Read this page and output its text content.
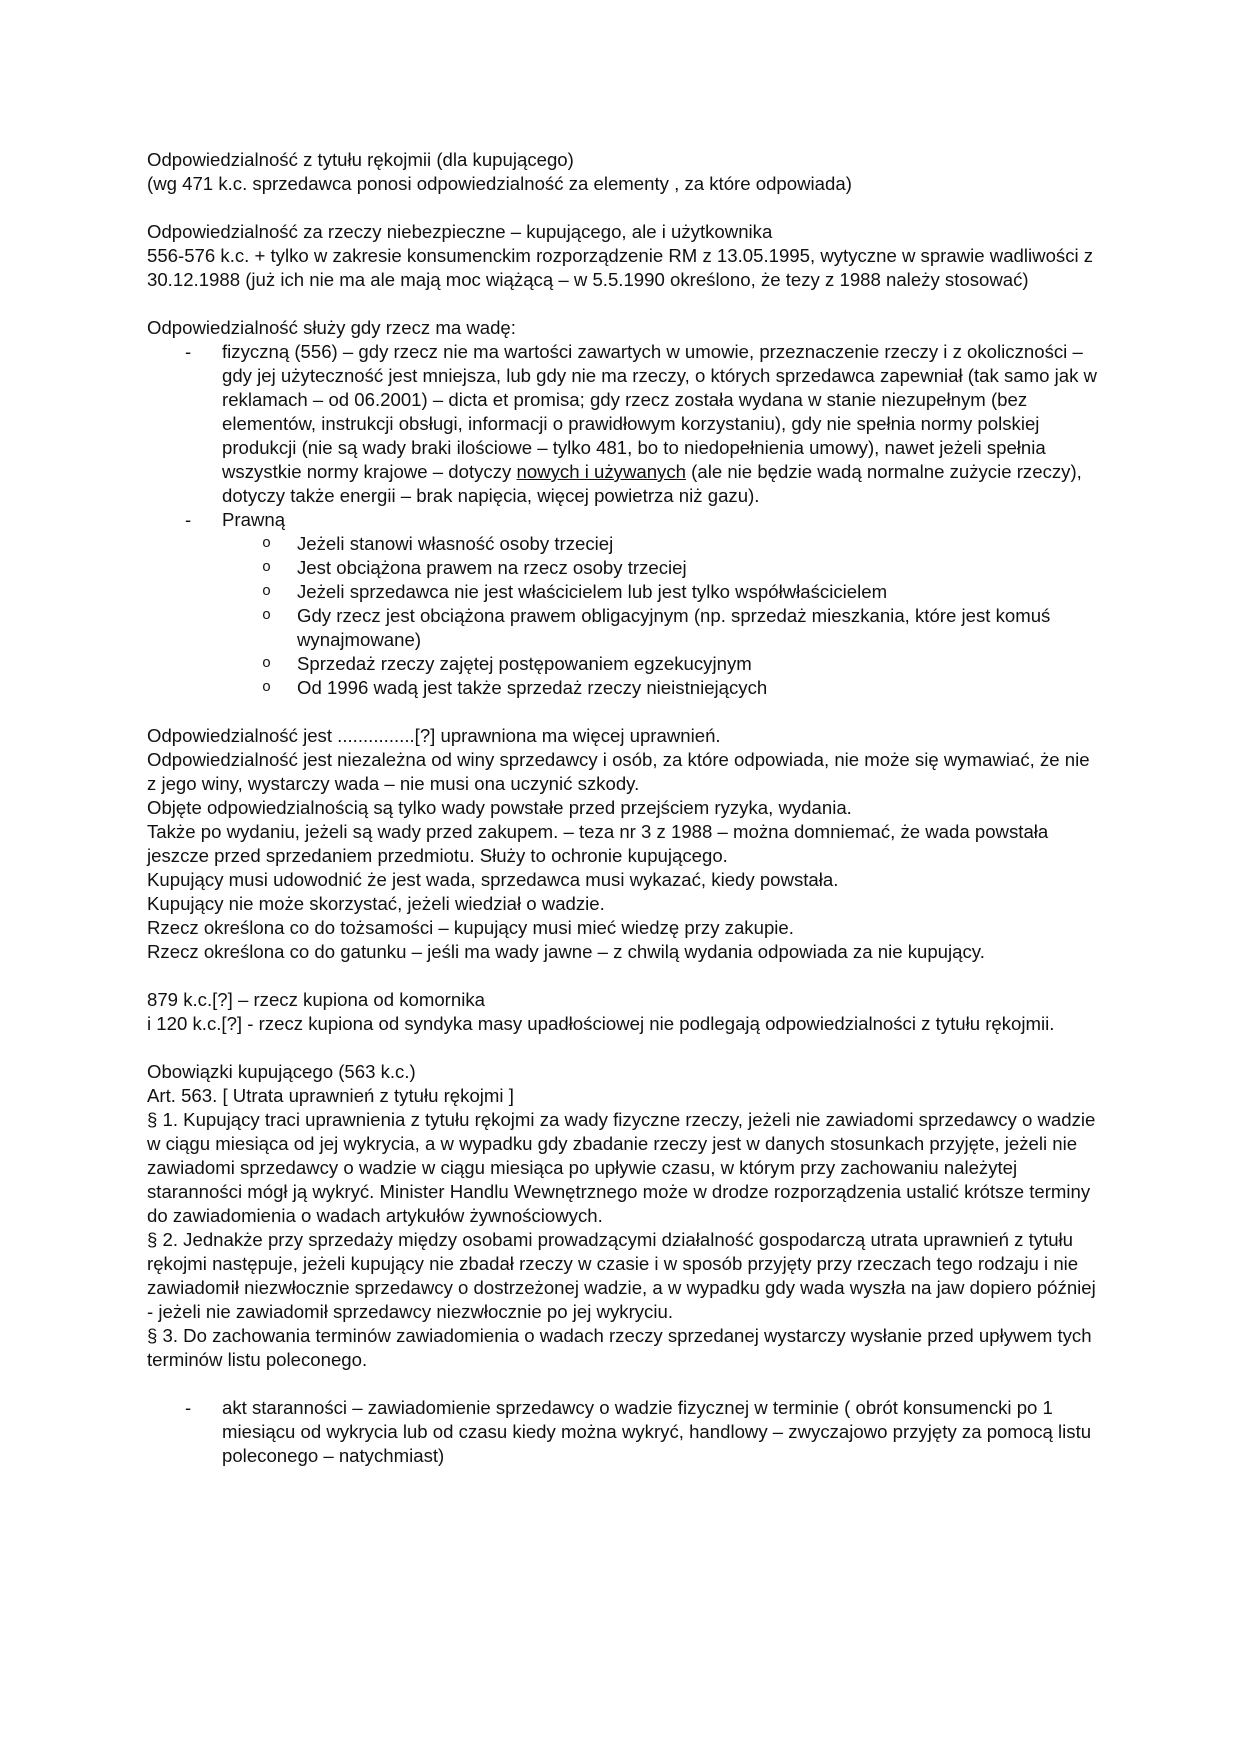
Odpowiedzialność z tytułu rękojmii (dla kupującego)

(wg 471 k.c. sprzedawca ponosi odpowiedzialność za elementy , za które odpowiada)

Odpowiedzialność za rzeczy niebezpieczne – kupującego, ale i użytkownika

556-576 k.c. + tylko w zakresie konsumenckim rozporządzenie RM z 13.05.1995, wytyczne w sprawie wadliwości z 30.12.1988 (już ich nie ma ale mają moc wiążącą – w 5.5.1990 określono, że tezy z 1988 należy stosować)

Odpowiedzialność służy gdy rzecz ma wadę:

- fizyczną (556) – gdy rzecz nie ma wartości zawartych w umowie, przeznaczenie rzeczy i z okoliczności – gdy jej użyteczność jest mniejsza, lub gdy nie ma rzeczy, o których sprzedawca zapewniał (tak samo jak w reklamach – od 06.2001) – dicta et promisa; gdy rzecz została wydana w stanie niezupełnym (bez elementów, instrukcji obsługi, informacji o prawidłowym korzystaniu), gdy nie spełnia normy polskiej produkcji (nie są wady braki ilościowe – tylko 481, bo to niedopełnienia umowy), nawet jeżeli spełnia wszystkie normy krajowe – dotyczy nowych i używanych (ale nie będzie wadą normalne zużycie rzeczy), dotyczy także energii – brak napięcia, więcej powietrza niż gazu).
- Prawną
o Jeżeli stanowi własność osoby trzeciej
o Jest obciążona prawem na rzecz osoby trzeciej
o Jeżeli sprzedawca nie jest właścicielem lub jest tylko współwłaścicielem
o Gdy rzecz jest obciążona prawem obligacyjnym (np. sprzedaż mieszkania, które jest komuś wynajmowane)
o Sprzedaż rzeczy zajętej postępowaniem egzekucyjnym
o Od 1996 wadą jest także sprzedaż rzeczy nieistniejących

Odpowiedzialność jest ...............[?] uprawniona ma więcej uprawnień.

Odpowiedzialność jest niezależna od winy sprzedawcy i osób, za które odpowiada, nie może się wymawiać, że nie z jego winy, wystarczy wada – nie musi ona uczynić szkody.

Objęte odpowiedzialnością są tylko wady powstałe przed przejściem ryzyka, wydania.

Także po wydaniu, jeżeli są wady przed zakupem. – teza nr 3 z 1988 – można domniemać, że wada powstała jeszcze przed sprzedaniem przedmiotu. Służy to ochronie kupującego.

Kupujący musi udowodnić że jest wada, sprzedawca musi wykazać, kiedy powstała.

Kupujący nie może skorzystać, jeżeli wiedział o wadzie.

Rzecz określona co do tożsamości – kupujący musi mieć wiedzę przy zakupie.

Rzecz określona co do gatunku – jeśli ma wady jawne – z chwilą wydania odpowiada za nie kupujący.

879 k.c.[?] – rzecz kupiona od komornika

i 120 k.c.[?] - rzecz kupiona od syndyka masy upadłościowej nie podlegają odpowiedzialności z tytułu rękojmii.

Obowiązki kupującego (563 k.c.)

Art. 563. [ Utrata uprawnień z tytułu rękojmi ]

§ 1. Kupujący traci uprawnienia z tytułu rękojmi za wady fizyczne rzeczy, jeżeli nie zawiadomi sprzedawcy o wadzie w ciągu miesiąca od jej wykrycia, a w wypadku gdy zbadanie rzeczy jest w danych stosunkach przyjęte, jeżeli nie zawiadomi sprzedawcy o wadzie w ciągu miesiąca po upływie czasu, w którym przy zachowaniu należytej staranności mógł ją wykryć. Minister Handlu Wewnętrznego może w drodze rozporządzenia ustalić krótsze terminy do zawiadomienia o wadach artykułów żywnościowych.

§ 2. Jednakże przy sprzedaży między osobami prowadzącymi działalność gospodarczą utrata uprawnień z tytułu rękojmi następuje, jeżeli kupujący nie zbadał rzeczy w czasie i w sposób przyjęty przy rzeczach tego rodzaju i nie zawiadomił niezwłocznie sprzedawcy o dostrzeżonej wadzie, a w wypadku gdy wada wyszła na jaw dopiero później - jeżeli nie zawiadomił sprzedawcy niezwłocznie po jej wykryciu.

§ 3. Do zachowania terminów zawiadomienia o wadach rzeczy sprzedanej wystarczy wysłanie przed upływem tych terminów listu poleconego.

- akt staranności – zawiadomienie sprzedawcy o wadzie fizycznej w terminie ( obrót konsumencki po 1 miesiącu od wykrycia lub od czasu kiedy można wykryć, handlowy – zwyczajowo przyjęty za pomocą listu poleconego – natychmiast)
